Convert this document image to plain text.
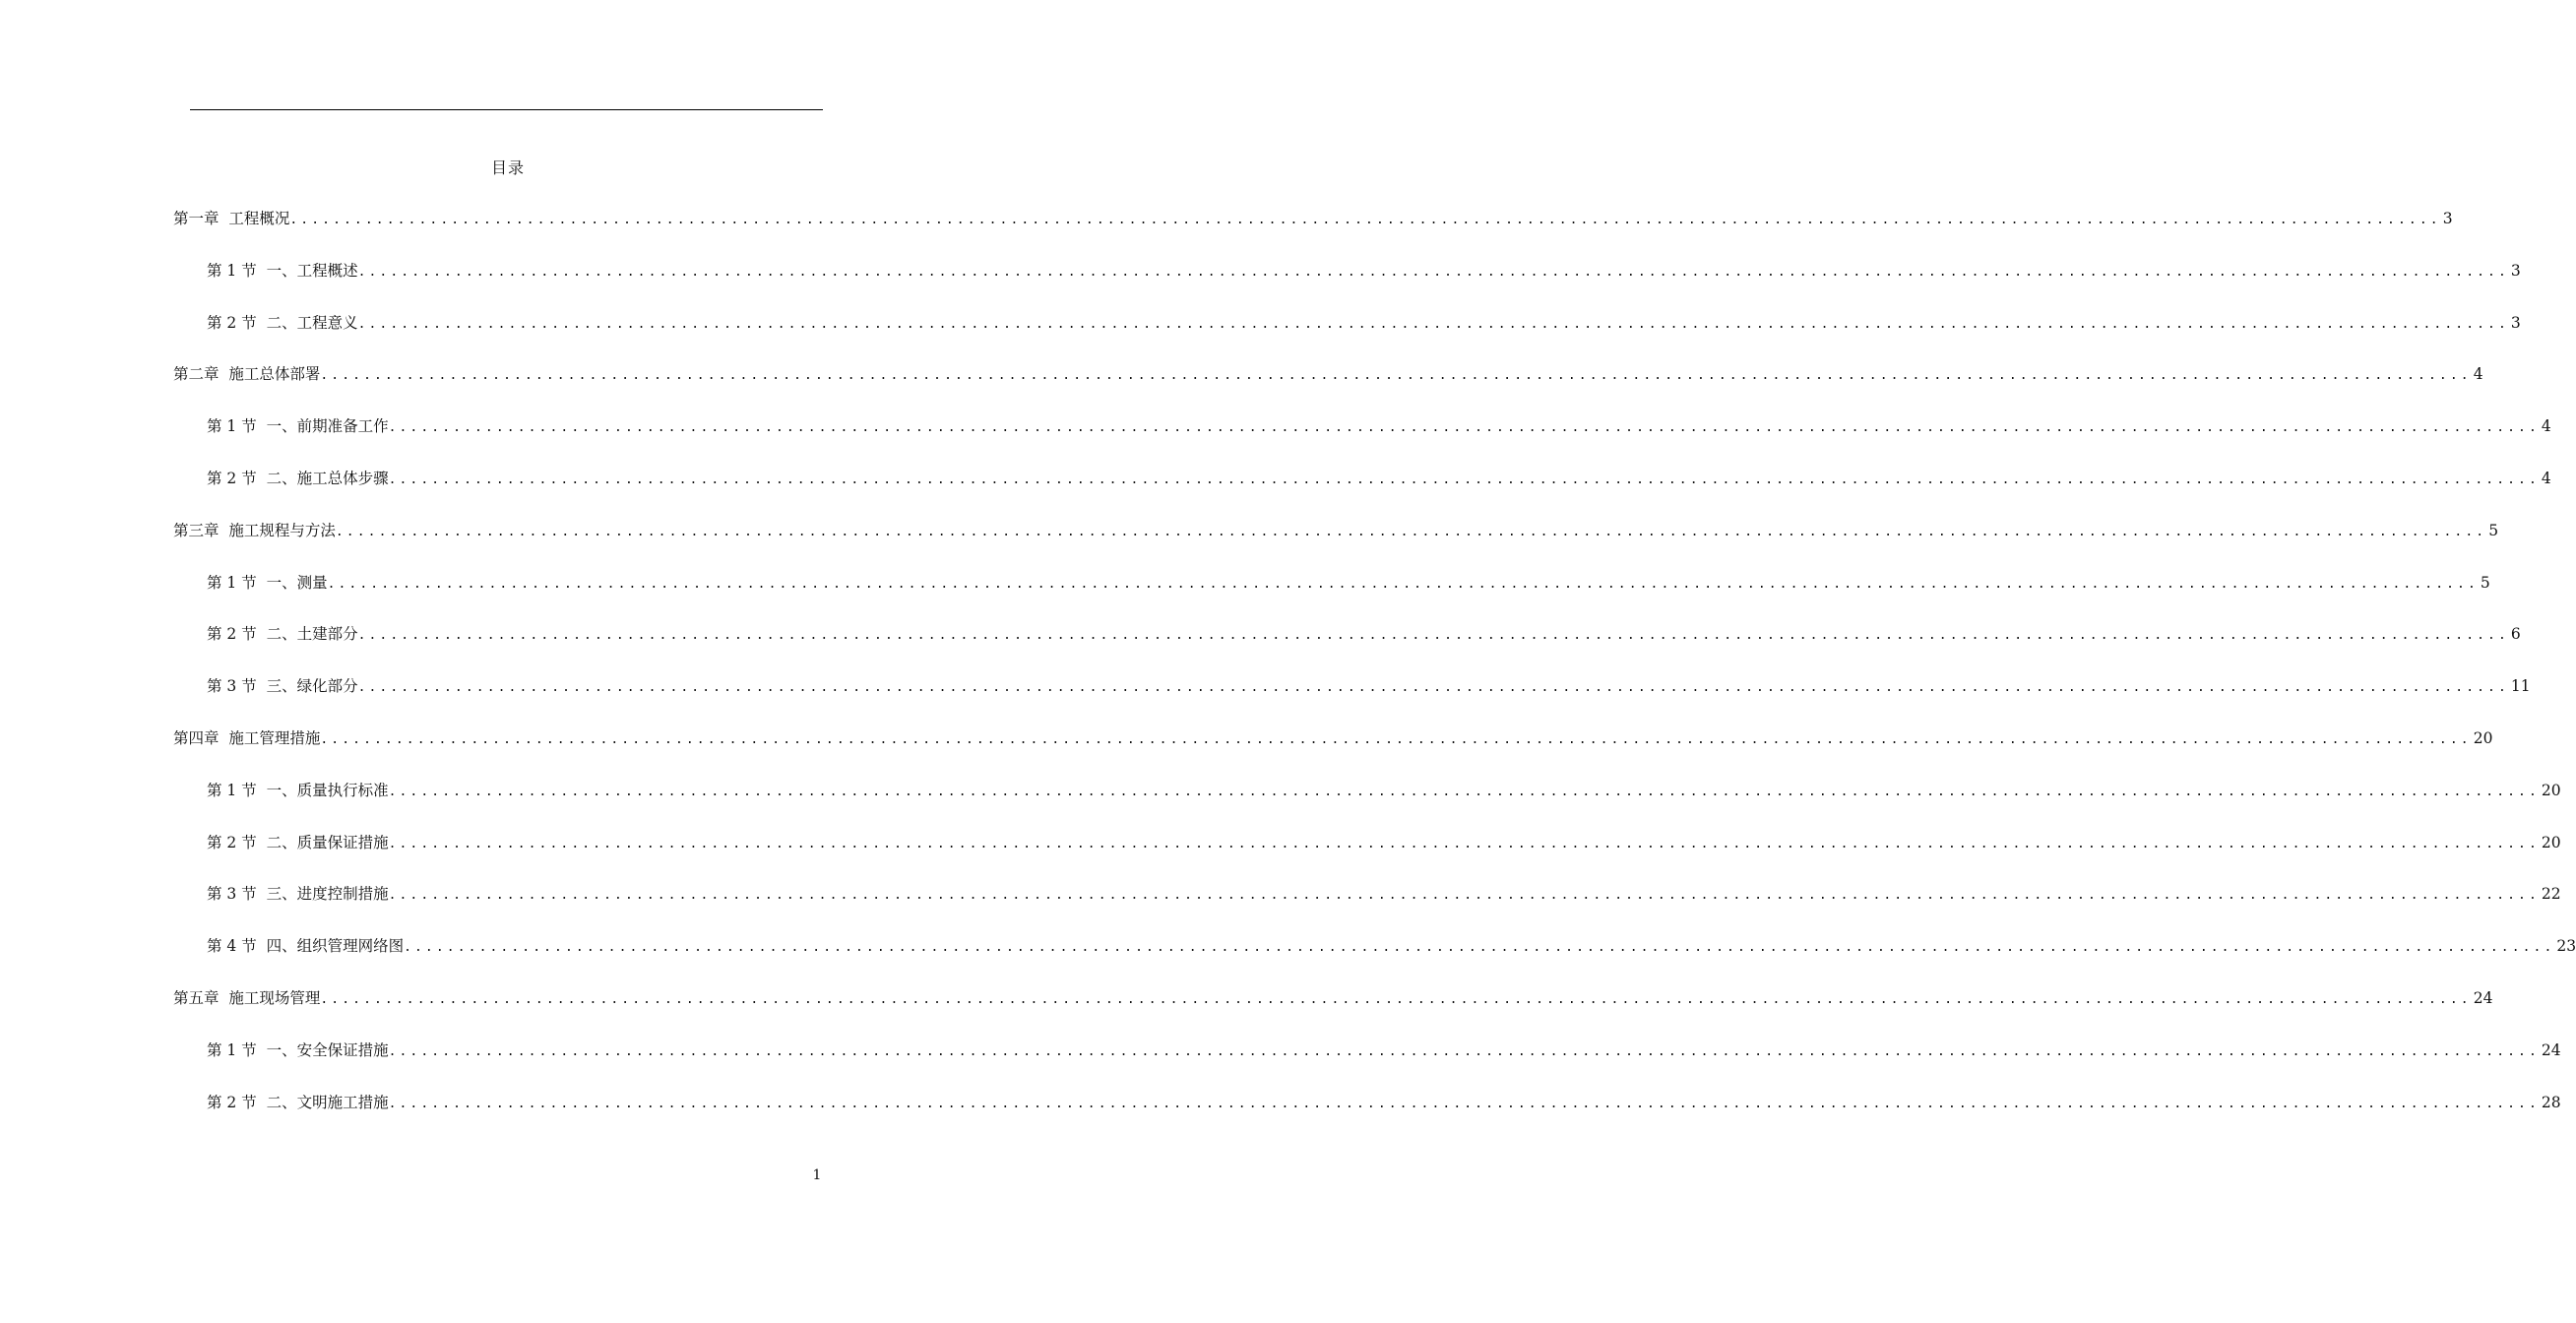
目录
第一章  工程概况 ........................................................................................................................................................................................................ 3
第 1 节  一、工程概述 ........................................................................................................................................................................................................ 3
第 2 节  二、工程意义 ........................................................................................................................................................................................................ 3
第二章  施工总体部署 ........................................................................................................................................................................................................ 4
第 1 节  一、前期准备工作 ........................................................................................................................................................................................................ 4
第 2 节  二、施工总体步骤 ........................................................................................................................................................................................................ 4
第三章  施工规程与方法 ........................................................................................................................................................................................................ 5
第 1 节  一、测量 ........................................................................................................................................................................................................ 5
第 2 节  二、土建部分 ........................................................................................................................................................................................................ 6
第 3 节  三、绿化部分 ........................................................................................................................................................................................................ 11
第四章  施工管理措施 ........................................................................................................................................................................................................ 20
第 1 节  一、质量执行标准 ........................................................................................................................................................................................................ 20
第 2 节  二、质量保证措施 ........................................................................................................................................................................................................ 20
第 3 节  三、进度控制措施 ........................................................................................................................................................................................................ 22
第 4 节  四、组织管理网络图 ........................................................................................................................................................................................................ 23
第五章  施工现场管理 ........................................................................................................................................................................................................ 24
第 1 节  一、安全保证措施 ........................................................................................................................................................................................................ 24
第 2 节  二、文明施工措施 ........................................................................................................................................................................................................ 28
1
